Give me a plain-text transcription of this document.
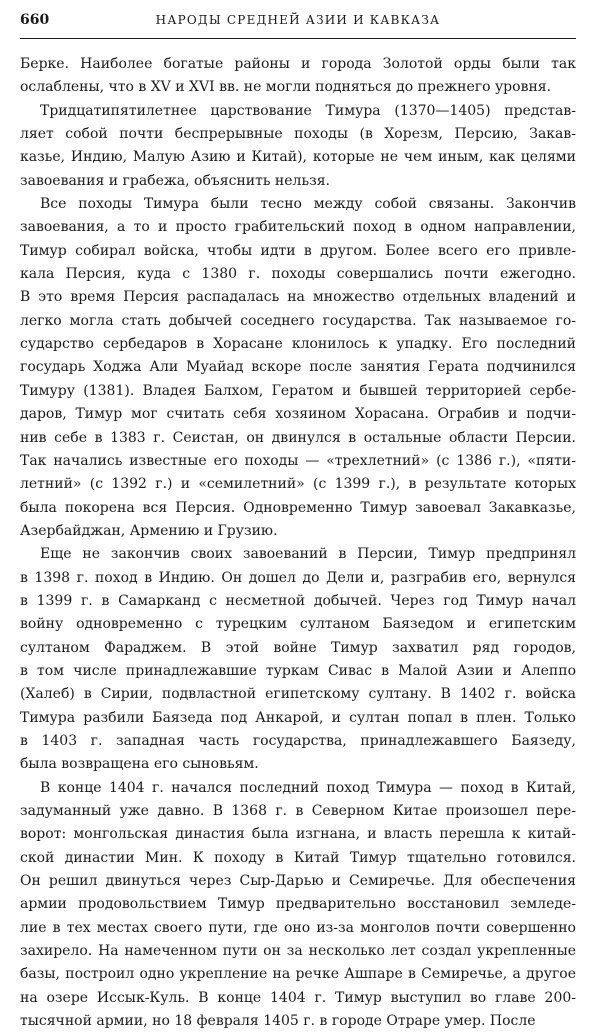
660	НАРОДЫ СРЕДНЕЙ АЗИИ И КАВКАЗА
Берке. Наиболее богатые районы и города Золотой орды были так
ослаблены, что в XV и XVI вв. не могли подняться до прежнего уровня.
Тридцатипятилетнее царствование Тимура (1370—1405) представ-
ляет собой почти беспрерывные походы (в Хорезм, Персию, Закав-
казье, Индию, Малую Азию и Китай), которые не чем иным, как целями
завоевания и грабежа, объяснить нельзя.
Все походы Тимура были тесно между собой связаны. Закончив
завоевания, а то и просто грабительский поход в одном направлении,
Тимур собирал войска, чтобы идти в другом. Более всего его привле-
кала Персия, куда с 1380 г. походы совершались почти ежегодно.
В это время Персия распадалась на множество отдельных владений и
легко могла стать добычей соседнего государства. Так называемое го-
сударство сербедаров в Хорасане клонилось к упадку. Его последний
государь Ходжа Али Муайад вскоре после занятия Герата подчинился
Тимуру (1381). Владея Балхом, Гератом и бывшей территорией сербе-
даров, Тимур мог считать себя хозяином Хорасана. Ограбив и подчи-
нив себе в 1383 г. Сеистан, он двинулся в остальные области Персии.
Так начались известные его походы — «трехлетний» (с 1386 г.), «пяти-
летний» (с 1392 г.) и «семилетний» (с 1399 г.), в результате которых
была покорена вся Персия. Одновременно Тимур завоевал Закавказье,
Азербайджан, Армению и Грузию.
Еще не закончив своих завоеваний в Персии, Тимур предпринял
в 1398 г. поход в Индию. Он дошел до Дели и, разграбив его, вернулся
в 1399 г. в Самарканд с несметной добычей. Через год Тимур начал
войну одновременно с турецким султаном Баязедом и египетским
султаном Фараджем. В этой войне Тимур захватил ряд городов,
в том числе принадлежавшие туркам Сивас в Малой Азии и Алеппо
(Халеб) в Сирии, подвластной египетскому султану. В 1402 г. войска
Тимура разбили Баязеда под Анкарой, и султан попал в плен. Только
в 1403 г. западная часть государства, принадлежавшего Баязеду,
была возвращена его сыновьям.
В конце 1404 г. начался последний поход Тимура — поход в Китай,
задуманный уже давно. В 1368 г. в Северном Китае произошел пере-
ворот: монгольская династия была изгнана, и власть перешла к китай-
ской династии Мин. К походу в Китай Тимур тщательно готовился.
Он решил двинуться через Сыр-Дарью и Семиречье. Для обеспечения
армии продовольствием Тимур предварительно восстановил земледе-
лие в тех местах своего пути, где оно из-за монголов почти совершенно
захирело. На намеченном пути он за несколько лет создал укрепленные
базы, построил одно укрепление на речке Ашпаре в Семиречье, а другое
на озере Иссык-Куль. В конце 1404 г. Тимур выступил во главе 200-
тысячной армии, но 18 февраля 1405 г. в городе Отраре умер. После
